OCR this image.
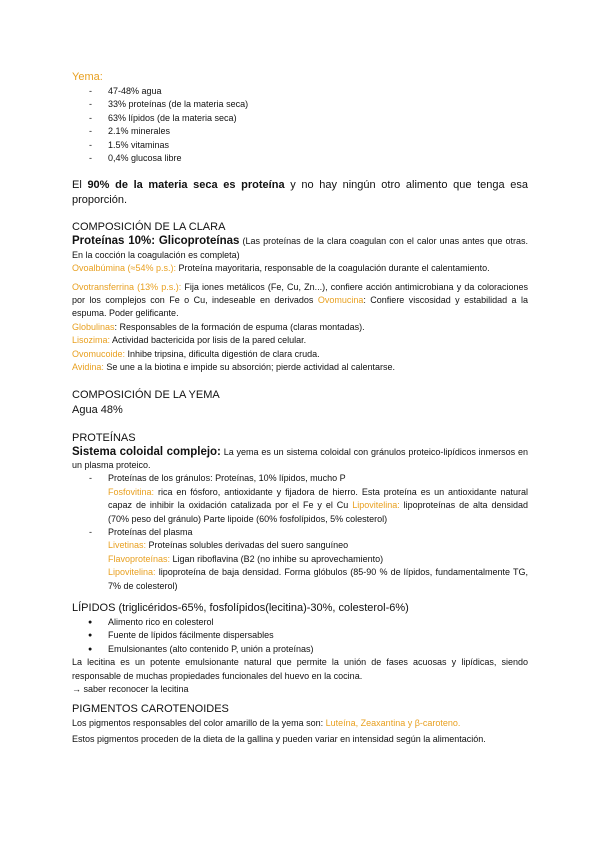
Yema:
- 47-48% agua
- 33% proteínas (de la materia seca)
- 63% lípidos (de la materia seca)
- 2.1% minerales
- 1.5% vitaminas
- 0,4% glucosa libre

El 90% de la materia seca es proteína y no hay ningún otro alimento que tenga esa proporción.

COMPOSICIÓN DE LA CLARA

Proteínas 10%: Glicoproteínas (Las proteínas de la clara coagulan con el calor unas antes que otras. En la cocción la coagulación es completa)

Ovoalbúmina (≈54% p.s.): Proteína mayoritaria, responsable de la coagulación durante el calentamiento.

Ovotransferrina (13% p.s.): Fija iones metálicos (Fe, Cu, Zn...), confiere acción antimicrobiana y da coloraciones por los complejos con Fe o Cu, indeseable en derivados Ovomucina: Confiere viscosidad y estabilidad a la espuma. Poder gelificante.

Globulinas: Responsables de la formación de espuma (claras montadas).

Lisozima: Actividad bactericida por lisis de la pared celular.

Ovomucoide: Inhibe tripsina, dificulta digestión de clara cruda.

Avidina: Se une a la biotina e impide su absorción; pierde actividad al calentarse.

COMPOSICIÓN DE LA YEMA
Agua 48%
PROTEÍNAS

Sistema coloidal complejo: La yema es un sistema coloidal con gránulos proteico-lipídicos inmersos en un plasma proteico.

- Proteínas de los gránulos: Proteínas, 10% lípidos, mucho P

Fosfovitina: rica en fósforo, antioxidante y fijadora de hierro. Esta proteína es un antioxidante natural capaz de inhibir la oxidación catalizada por el Fe y el Cu Lipovitelina: lipoproteínas de alta densidad (70% peso del gránulo) Parte lipoide (60% fosfolípidos, 5% colesterol)

- Proteínas del plasma

Livetinas: Proteínas solubles derivadas del suero sanguíneo

Flavoproteínas: Ligan riboflavina (B2 (no inhibe su aprovechamiento)

Lipovitelina: lipoproteína de baja densidad. Forma glóbulos (85-90 % de lípidos, fundamentalmente TG, 7% de colesterol)

LÍPIDOS (triglicéridos-65%, fosfolípidos(lecitina)-30%, colesterol-6%)
● Alimento rico en colesterol
● Fuente de lípidos fácilmente dispersables
● Emulsionantes (alto contenido P, unión a proteínas)

La lecitina es un potente emulsionante natural que permite la unión de fases acuosas y lipídicas, siendo responsable de muchas propiedades funcionales del huevo en la cocina.

→ saber reconocer la lecitina

PIGMENTOS CAROTENOIDES

Los pigmentos responsables del color amarillo de la yema son: Luteína, Zeaxantina y β-caroteno.

Estos pigmentos proceden de la dieta de la gallina y pueden variar en intensidad según la alimentación.
